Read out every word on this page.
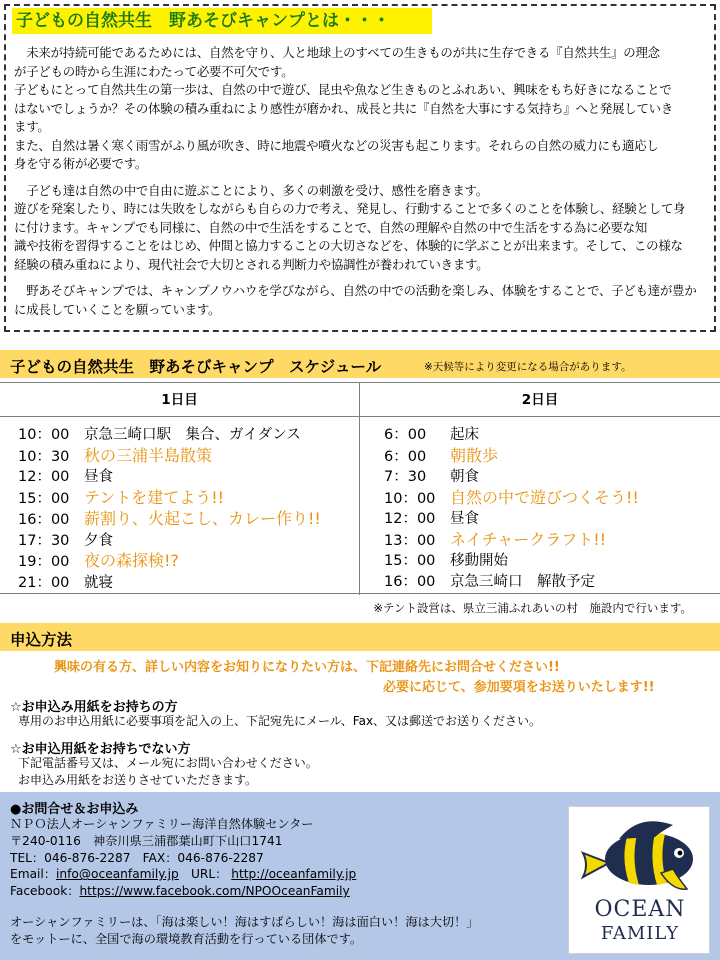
子どもの自然共生　野あそびキャンプとは・・・

　未来が持続可能であるためには、自然を守り、人と地球上のすべての生きものが共に生存できる『自然共生』の理念
が子どもの時から生涯にわたって必要不可欠です。
子どもにとって自然共生の第一歩は、自然の中で遊び、昆虫や魚など生きものとふれあい、興味をもち好きになることで
はないでしょうか？その体験の積み重ねにより感性が磨かれ、成長と共に『自然を大事にする気持ち』へと発展していき
ます。
また、自然は暑く寒く雨雪がふり風が吹き、時に地震や噴火などの災害も起こります。それらの自然の威力にも適応し
身を守る術が必要です。

　子ども達は自然の中で自由に遊ぶことにより、多くの刺激を受け、感性を磨きます。
遊びを発案したり、時には失敗をしながらも自らの力で考え、発見し、行動することで多くのことを体験し、経験として身
に付けます。キャンプでも同様に、自然の中で生活をすることで、自然の理解や自然の中で生活をする為に必要な知
識や技術を習得することをはじめ、仲間と協力することの大切さなどを、体験的に学ぶことが出来ます。そして、この様な
経験の積み重ねにより、現代社会で大切とされる判断力や協調性が養われていきます。

　野あそびキャンプでは、キャンプノウハウを学びながら、自然の中での活動を楽しみ、体験をすることで、子ども達が豊か
に成長していくことを願っています。

子どもの自然共生　野あそびキャンプ　スケジュール	※天候等により変更になる場合があります。
1日目
10：00 京急三崎口駅　集合、ガイダンス
10：30 秋の三浦半島散策
12：00 昼食
15：00 テントを建てよう!!
16：00 薪割り、火起こし、カレー作り!!
17：30 夕食
19：00 夜の森探検!?
21：00 就寝
2日目
6：00 起床
6：00 朝散歩
7：30 朝食
10：00 自然の中で遊びつくそう!!
12：00 昼食
13：00 ネイチャークラフト!!
15：00 移動開始
16：00 京急三崎口　解散予定
※テント設営は、県立三浦ふれあいの村　施設内で行います。
申込方法
興味の有る方、詳しい内容をお知りになりたい方は、下記連絡先にお問合せください!!
必要に応じて、参加要項をお送りいたします!!
☆お申込み用紙をお持ちの方
専用のお申込用紙に必要事項を記入の上、下記宛先にメール、Fax、又は郵送でお送りください。
☆お申込用紙をお持ちでない方
下記電話番号又は、メール宛にお問い合わせください。
お申込み用紙をお送りさせていただきます。
●お問合せ＆お申込み
ＮＰＯ法人オーシャンファミリー海洋自然体験センター
〒240-0116　神奈川県三浦郡葉山町下山口1741
TEL：046-876-2287　FAX：046-876-2287
Email：info@oceanfamily.jp　URL： http://oceanfamily.jp
Facebook：https://www.facebook.com/NPOOceanFamily
オーシャンファミリーは、「海は楽しい！海はすばらしい！海は面白い！海は大切！」
をモットーに、全国で海の環境教育活動を行っている団体です。
OCEAN
FAMILY
